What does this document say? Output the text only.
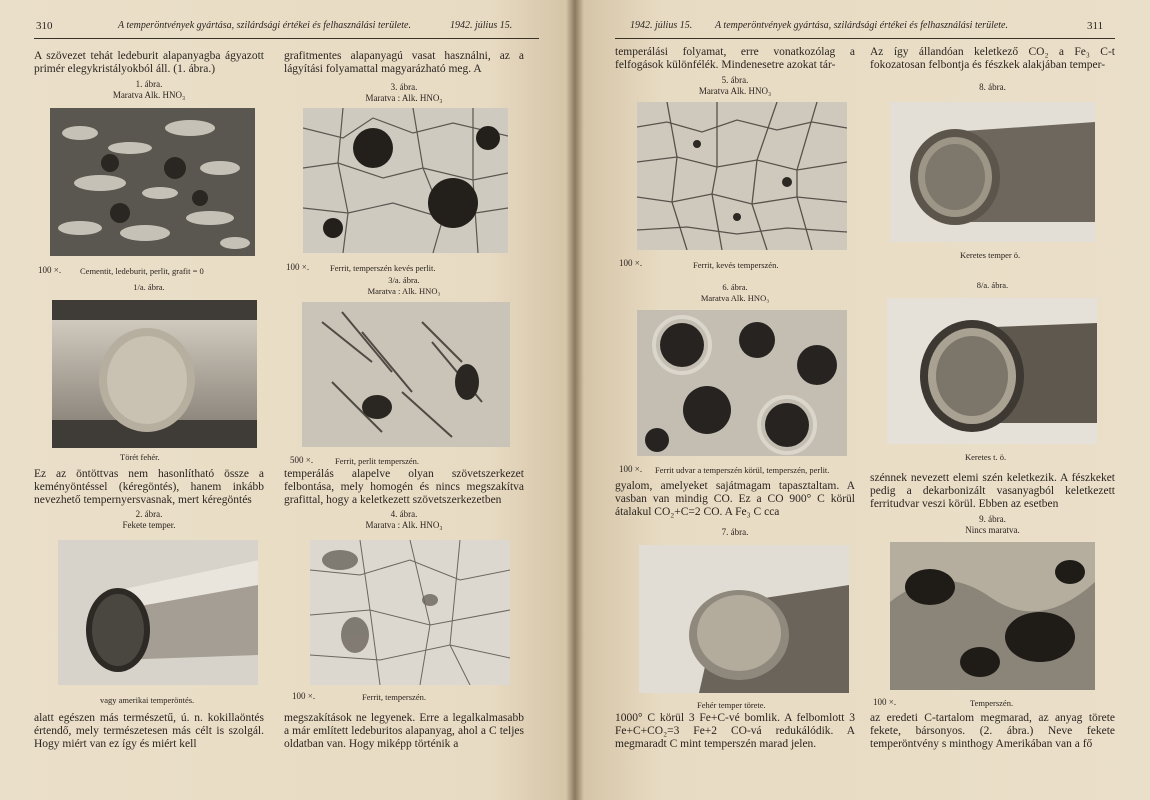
310	A temperöntvények gyártása, szilárdsági értékei és felhasználási területe.	1942. július 15.

A szövezet tehát ledeburit alapanyagba ágyazott primér elegykristályokból áll. (1. ábra.)

1. ábra.

Maratva Alk. HNO₃

100 ×. Cementit, ledeburit, perlit, grafit = 0
1/a. ábra.
Törét fehér.

Ez az öntöttvas nem hasonlítható össze a keményöntéssel (kéregöntés), hanem inkább nevezhető tempernyersvasnak, mert kéregöntés

2. ábra.

Fekete temper.

vagy amerikai temperöntés.

alatt egészen más természetű, ú. n. kokillaöntés értendő, mely természetesen más célt is szolgál. Hogy miért van ez így és miért kell

grafitmentes alapanyagú vasat használni, az a lágyítási folyamattal magyarázható meg. A

3. ábra.

Maratva : Alk. HNO₃

100 ×. Ferrit, temperszén kevés perlit.
3/a. ábra.
Maratva : Alk. HNO₃
500 ×.	Ferrit, perlit temperszén.

temperálás alapelve olyan szövetszerkezet felbontása, mely homogén és nincs megszakítva grafittal, hogy a keletkezett szövetszerkezetben

4. ábra.

Maratva : Alk. HNO₃

100 ×.	Ferrit, temperszén.

megszakítások ne legyenek. Erre a legalkalmasabb a már említett ledeburitos alapanyag, ahol a C teljes oldatban van. Hogy miképp történik a

1942. július 15. A temperöntvények gyártása, szilárdsági értékei és felhasználási területe.	311

temperálási folyamat, erre vonatkozólag a felfogások különfélék. Mindenesetre azokat tár-

5. ábra.

Maratva Alk. HNO₃

100 ×.	Ferrit, kevés temperszén.
6. ábra.
Maratva Alk. HNO₃
100 ×. Ferrit udvar a temperszén körül, temperszén, perlit.

gyalom, amelyeket sajátmagam tapasztaltam. A vasban van mindig CO. Ez a CO 900° C körül átalakul CO₂+C=2 CO. A Fe₃ C cca

7. ábra.

Fehér temper törete.

1000° C körül 3 Fe+C-vé bomlik. A felbomlott 3 Fe+C+CO₂=3 Fe+2 CO-vá redukálódik. A megmaradt C mint temperszén marad jelen.

Az így állandóan keletkező CO₂ a Fe₃ C-t fokozatosan felbontja és fészkek alakjában temper-

8. ábra.

Keretes temper ö.
8/a. ábra.
Keretes t. ö.

szénnek nevezett elemi szén keletkezik. A fészkeket pedig a dekarbonizált vasanyagból keletkezett ferritudvar veszi körül. Ebben az esetben

9. ábra.

Nincs maratva.

100 ×.	Temperszén.

az eredeti C-tartalom megmarad, az anyag törete fekete, bársonyos. (2. ábra.) Neve fekete temperöntvény s minthogy Amerikában van a fő
